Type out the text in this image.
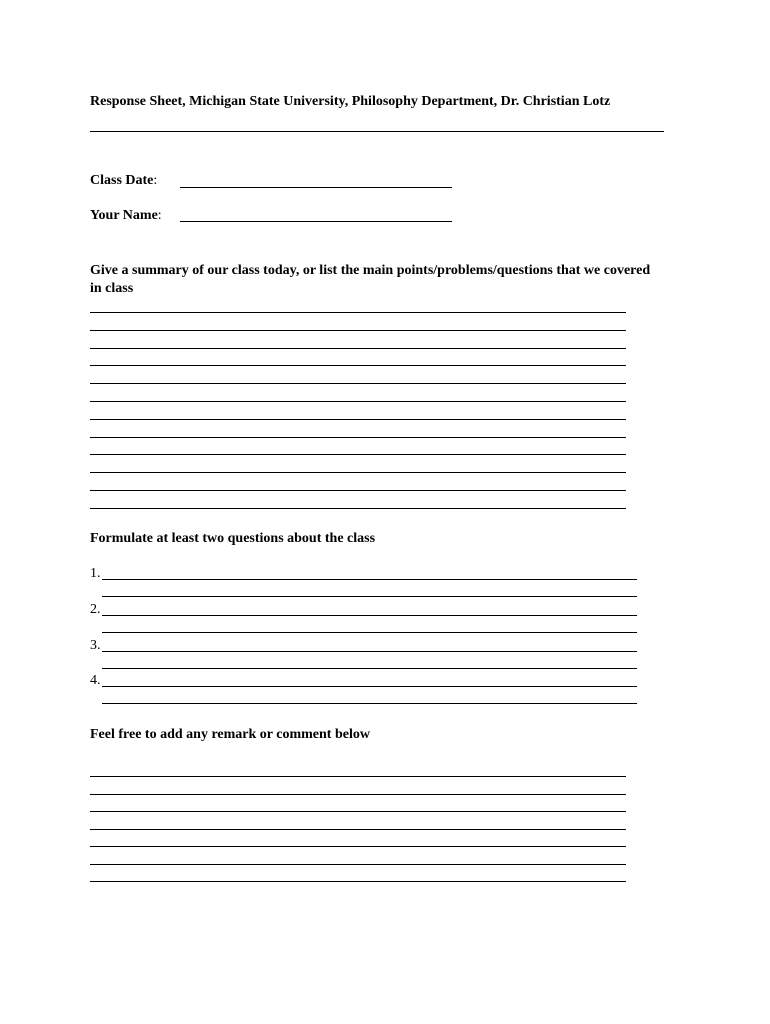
Response Sheet, Michigan State University, Philosophy Department, Dr. Christian Lotz
Class Date:
Your Name:
Give a summary of our class today, or list the main points/problems/questions that we covered in class
Formulate at least two questions about the class
1.
2.
3.
4.
Feel free to add any remark or comment below
